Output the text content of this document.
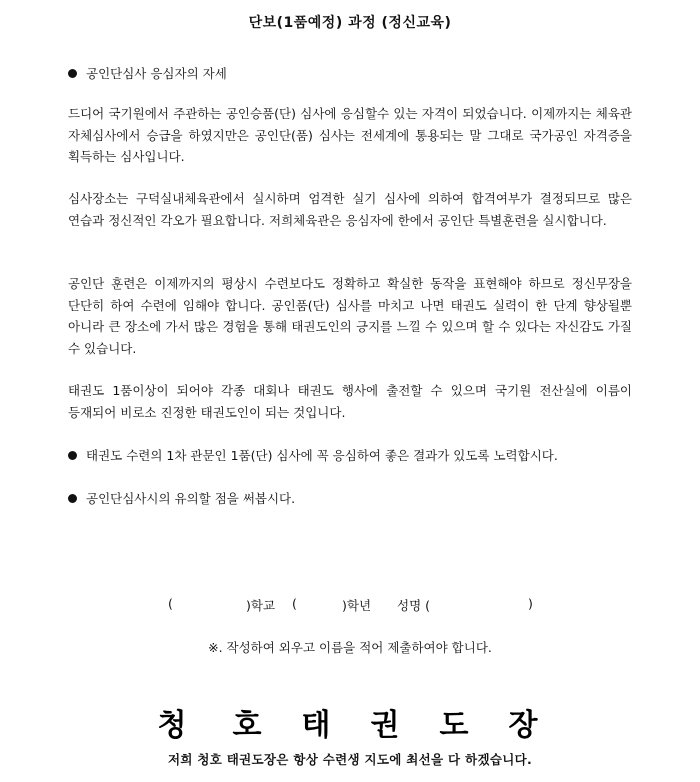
단보(1품예정) 과정 (정신교육)
공인단심사 응심자의 자세
드디어 국기원에서 주관하는 공인승품(단) 심사에 응심할수 있는 자격이 되었습니다. 이제까지는 체육관 자체심사에서 승급을 하였지만은 공인단(품) 심사는 전세계에 통용되는 말 그대로 국가공인 자격증을 획득하는 심사입니다.
심사장소는 구덕실내체육관에서 실시하며 엄격한 실기 심사에 의하여 합격여부가 결정되므로 많은 연습과 정신적인 각오가 필요합니다. 저희체육관은 응심자에 한에서 공인단 특별훈련을 실시합니다.
공인단 훈련은 이제까지의 평상시 수련보다도 정확하고 확실한 동작을 표현해야 하므로 정신무장을 단단히 하여 수련에 임해야 합니다. 공인품(단) 심사를 마치고 나면 태권도 실력이 한 단계 향상될뿐 아니라 큰 장소에 가서 많은 경험을 통해 태권도인의 긍지를 느낄 수 있으며 할 수 있다는 자신감도 가질 수 있습니다.
태권도 1품이상이 되어야 각종 대회나 태권도 행사에 출전할 수 있으며 국기원 전산실에 이름이 등재되어 비로소 진정한 태권도인이 되는 것입니다.
태권도 수련의 1차 관문인 1품(단) 심사에 꼭 응심하여 좋은 결과가 있도록 노력합시다.
공인단심사시의 유의할 점을 써봅시다.
(	)학교 (	)학년 성명 (	)
※. 작성하여 외우고 이름을 적어 제출하여야 합니다.
청 호 태 권 도 장
저희 청호 태권도장은 항상 수련생 지도에 최선을 다 하겠습니다.
